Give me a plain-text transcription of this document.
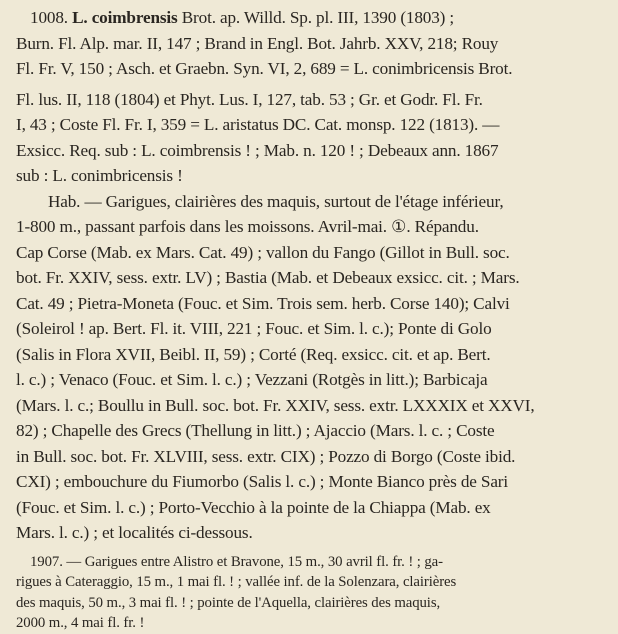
1008. L. coimbrensis Brot. ap. Willd. Sp. pl. III, 1390 (1803) ;
Burn. Fl. Alp. mar. II, 147 ; Brand in Engl. Bot. Jahrb. XXV, 218; Rouy
Fl. Fr. V, 150 ; Asch. et Graebn. Syn. VI, 2, 689 = L. conimbricensis Brot.
Fl. lus. II, 118 (1804) et Phyt. Lus. I, 127, tab. 53 ; Gr. et Godr. Fl. Fr.
I, 43 ; Coste Fl. Fr. I, 359 = L. aristatus DC. Cat. monsp. 122 (1813). —
Exsicc. Req. sub : L. coimbrensis ! ; Mab. n. 120 ! ; Debeaux ann. 1867
sub : L. conimbricensis !
Hab. — Garigues, clairières des maquis, surtout de l'étage inférieur,
1-800 m., passant parfois dans les moissons. Avril-mai. ①. Répandu.
Cap Corse (Mab. ex Mars. Cat. 49) ; vallon du Fango (Gillot in Bull. soc.
bot. Fr. XXIV, sess. extr. LV) ; Bastia (Mab. et Debeaux exsicc. cit. ; Mars.
Cat. 49 ; Pietra-Moneta (Fouc. et Sim. Trois sem. herb. Corse 140); Calvi
(Soleirol ! ap. Bert. Fl. it. VIII, 221 ; Fouc. et Sim. l. c.); Ponte di Golo
(Salis in Flora XVII, Beibl. II, 59) ; Corté (Req. exsicc. cit. et ap. Bert.
l. c.) ; Venaco (Fouc. et Sim. l. c.) ; Vezzani (Rotgès in litt.); Barbicaja
(Mars. l. c.; Boullu in Bull. soc. bot. Fr. XXIV, sess. extr. LXXXIX et XXVI,
82) ; Chapelle des Grecs (Thellung in litt.) ; Ajaccio (Mars. l. c. ; Coste
in Bull. soc. bot. Fr. XLVIII, sess. extr. CIX) ; Pozzo di Borgo (Coste ibid.
CXI) ; embouchure du Fiumorbo (Salis l. c.) ; Monte Bianco près de Sari
(Fouc. et Sim. l. c.) ; Porto-Vecchio à la pointe de la Chiappa (Mab. ex
Mars. l. c.) ; et localités ci-dessous.
1907. — Garigues entre Alistro et Bravone, 15 m., 30 avril fl. fr. ! ; ga-
rigues à Cateraggio, 15 m., 1 mai fl. ! ; vallée inf. de la Solenzara, clairières
des maquis, 50 m., 3 mai fl. ! ; pointe de l'Aquella, clairières des maquis,
2000 m., 4 mai fl. fr. !
